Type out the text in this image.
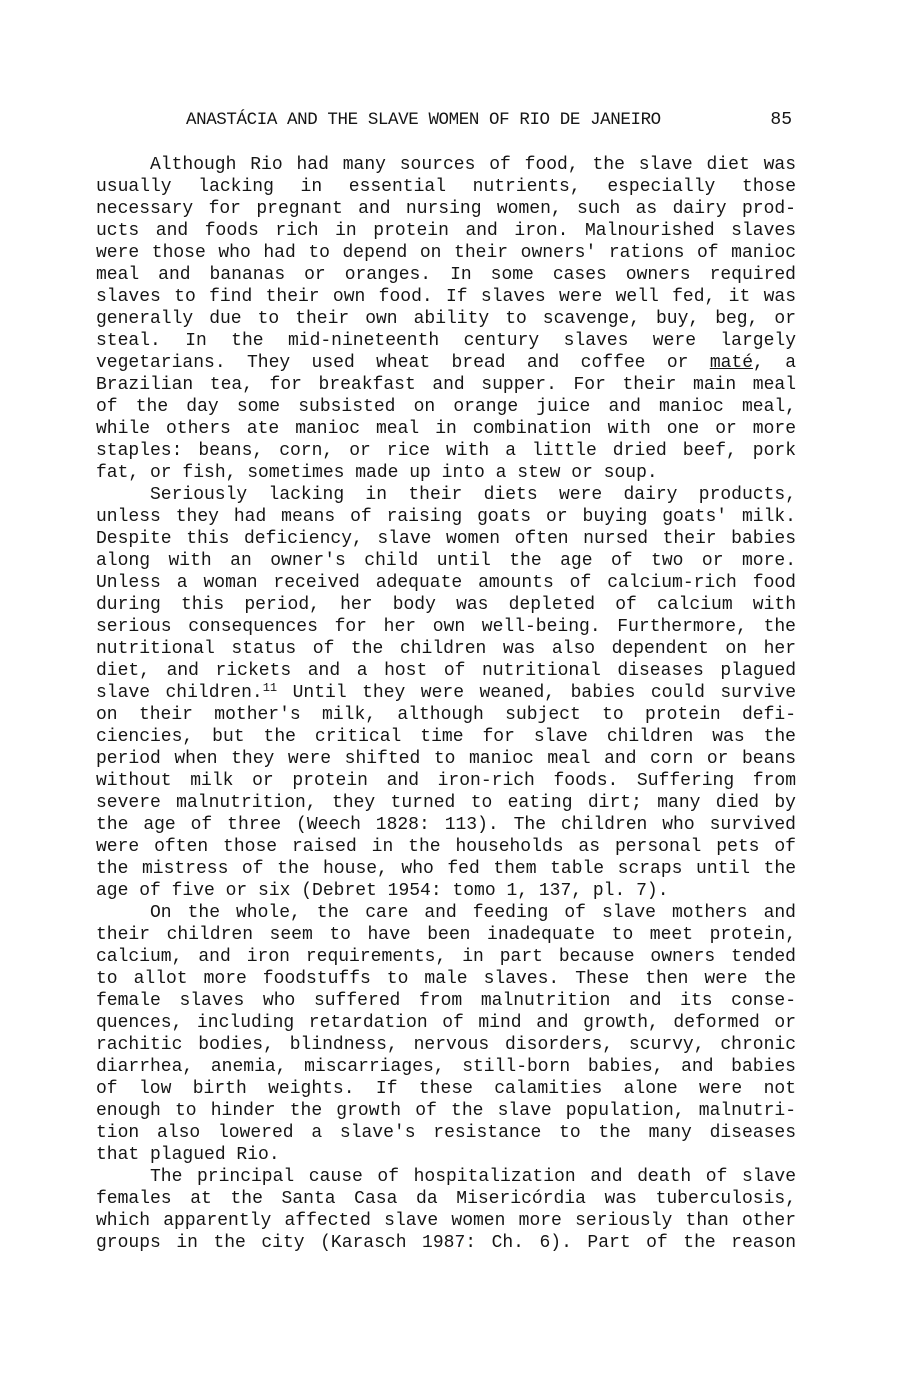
ANASTÁCIA AND THE SLAVE WOMEN OF RIO DE JANEIRO	85
Although Rio had many sources of food, the slave diet was
usually lacking in essential nutrients, especially those
necessary for pregnant and nursing women, such as dairy prod-
ucts and foods rich in protein and iron. Malnourished slaves
were those who had to depend on their owners' rations of manioc
meal and bananas or oranges. In some cases owners required
slaves to find their own food. If slaves were well fed, it was
generally due to their own ability to scavenge, buy, beg, or
steal. In the mid-nineteenth century slaves were largely
vegetarians. They used wheat bread and coffee or maté, a
Brazilian tea, for breakfast and supper. For their main meal
of the day some subsisted on orange juice and manioc meal,
while others ate manioc meal in combination with one or more
staples: beans, corn, or rice with a little dried beef, pork
fat, or fish, sometimes made up into a stew or soup.
Seriously lacking in their diets were dairy products,
unless they had means of raising goats or buying goats' milk.
Despite this deficiency, slave women often nursed their babies
along with an owner's child until the age of two or more.
Unless a woman received adequate amounts of calcium-rich food
during this period, her body was depleted of calcium with
serious consequences for her own well-being. Furthermore, the
nutritional status of the children was also dependent on her
diet, and rickets and a host of nutritional diseases plagued
slave children.$^{11}$ Until they were weaned, babies could survive
on their mother's milk, although subject to protein defi-
ciencies, but the critical time for slave children was the
period when they were shifted to manioc meal and corn or beans
without milk or protein and iron-rich foods. Suffering from
severe malnutrition, they turned to eating dirt; many died by
the age of three (Weech 1828: 113). The children who survived
were often those raised in the households as personal pets of
the mistress of the house, who fed them table scraps until the
age of five or six (Debret 1954: tomo 1, 137, pl. 7).
On the whole, the care and feeding of slave mothers and
their children seem to have been inadequate to meet protein,
calcium, and iron requirements, in part because owners tended
to allot more foodstuffs to male slaves. These then were the
female slaves who suffered from malnutrition and its conse-
quences, including retardation of mind and growth, deformed or
rachitic bodies, blindness, nervous disorders, scurvy, chronic
diarrhea, anemia, miscarriages, still-born babies, and babies
of low birth weights. If these calamities alone were not
enough to hinder the growth of the slave population, malnutri-
tion also lowered a slave's resistance to the many diseases
that plagued Rio.
The principal cause of hospitalization and death of slave
females at the Santa Casa da Misericórdia was tuberculosis,
which apparently affected slave women more seriously than other
groups in the city (Karasch 1987: Ch. 6). Part of the reason
